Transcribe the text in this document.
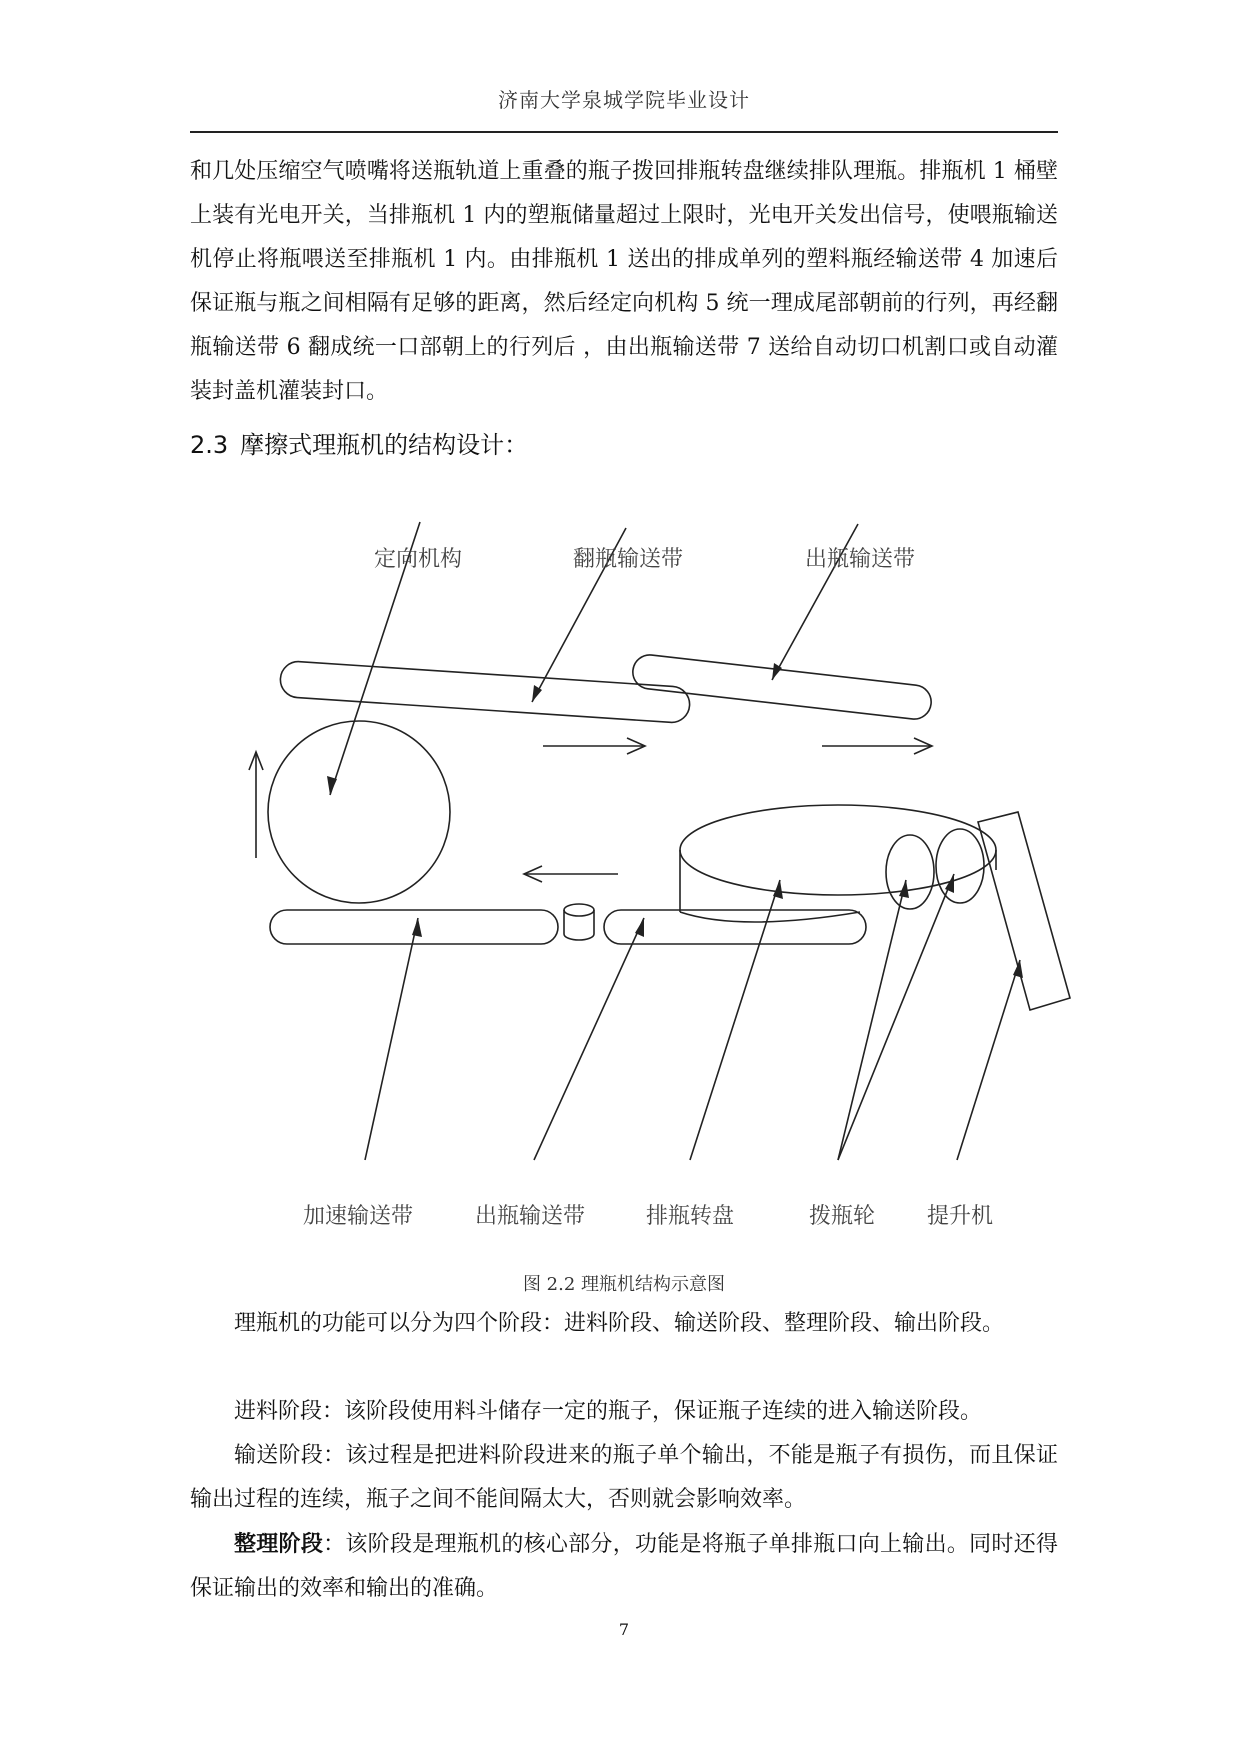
济南大学泉城学院毕业设计

和几处压缩空气喷嘴将送瓶轨道上重叠的瓶子拨回排瓶转盘继续排队理瓶。排瓶机 1 桶壁上装有光电开关，当排瓶机 1 内的塑瓶储量超过上限时，光电开关发出信号，使喂瓶输送机停止将瓶喂送至排瓶机 1 内。由排瓶机 1 送出的排成单列的塑料瓶经输送带 4 加速后保证瓶与瓶之间相隔有足够的距离，然后经定向机构 5 统一理成尾部朝前的行列，再经翻瓶输送带 6 翻成统一口部朝上的行列后 ，由出瓶输送带 7 送给自动切口机割口或自动灌装封盖机灌装封口。

2.3 摩擦式理瓶机的结构设计：
定向机构	翻瓶输送带	出瓶输送带
加速输送带	出瓶输送带	排瓶转盘	拨瓶轮 提升机
图 2.2 理瓶机结构示意图

理瓶机的功能可以分为四个阶段：进料阶段、输送阶段、整理阶段、输出阶段。

进料阶段：该阶段使用料斗储存一定的瓶子，保证瓶子连续的进入输送阶段。

输送阶段：该过程是把进料阶段进来的瓶子单个输出，不能是瓶子有损伤，而且保证输出过程的连续，瓶子之间不能间隔太大，否则就会影响效率。

整理阶段：该阶段是理瓶机的核心部分，功能是将瓶子单排瓶口向上输出。同时还得保证输出的效率和输出的准确。

7
